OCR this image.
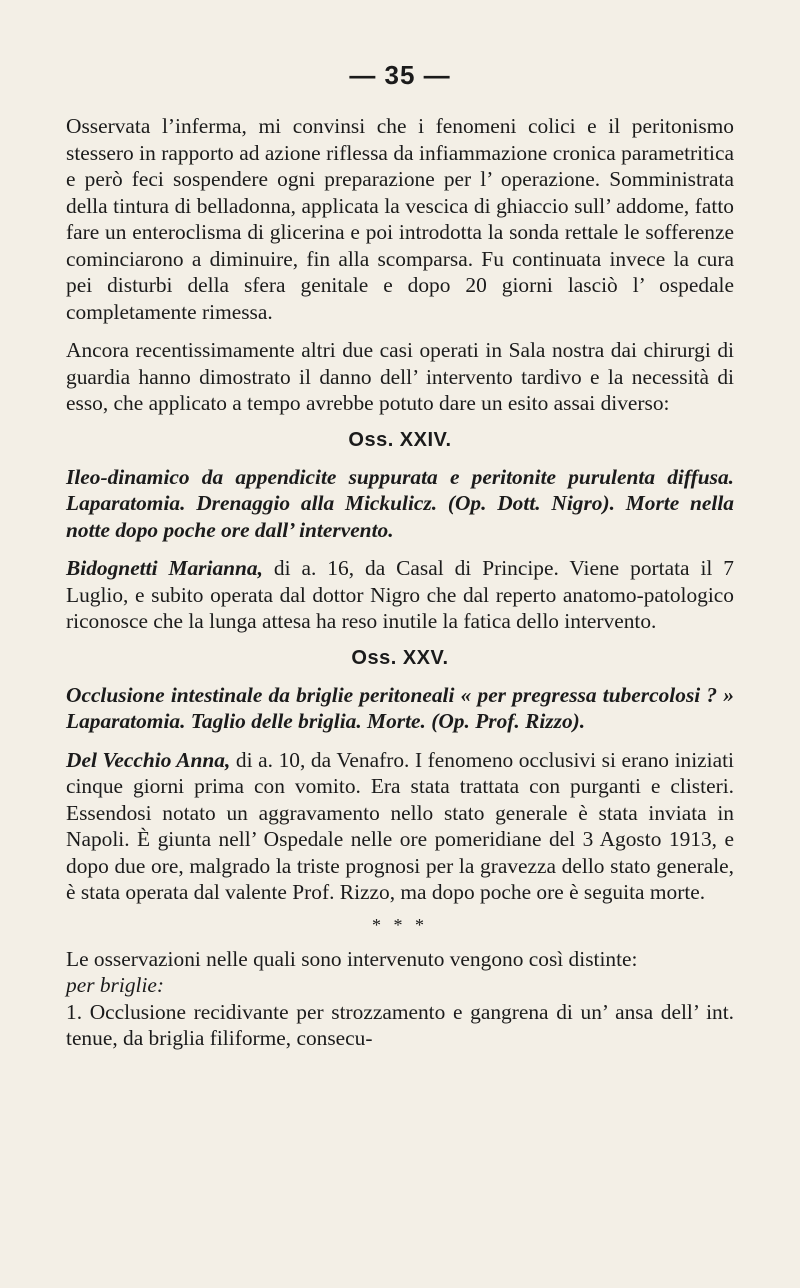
— 35 —

Osservata l’inferma, mi convinsi che i fenomeni colici e il peritonismo stessero in rapporto ad azione riflessa da infiammazione cronica parametritica e però feci sospendere ogni preparazione per l’ operazione. Somministrata della tintura di belladonna, applicata la vescica di ghiaccio sull’ addome, fatto fare un enteroclisma di glicerina e poi introdotta la sonda rettale le sofferenze cominciarono a diminuire, fin alla scomparsa. Fu continuata invece la cura pei disturbi della sfera genitale e dopo 20 giorni lasciò l’ ospedale completamente rimessa.

Ancora recentissimamente altri due casi operati in Sala nostra dai chirurgi di guardia hanno dimostrato il danno dell’ intervento tardivo e la necessità di esso, che applicato a tempo avrebbe potuto dare un esito assai diverso:

Oss. XXIV.

Ileo-dinamico da appendicite suppurata e peritonite purulenta diffusa. Laparatomia. Drenaggio alla Mickulicz. (Op. Dott. Nigro). Morte nella notte dopo poche ore dall’ intervento.

Bidognetti Marianna, di a. 16, da Casal di Principe. Viene portata il 7 Luglio, e subito operata dal dottor Nigro che dal reperto anatomo-patologico riconosce che la lunga attesa ha reso inutile la fatica dello intervento.

Oss. XXV.

Occlusione intestinale da briglie peritoneali « per pregressa tubercolosi ? » Laparatomia. Taglio delle briglia. Morte. (Op. Prof. Rizzo).

Del Vecchio Anna, di a. 10, da Venafro. I fenomeno occlusivi si erano iniziati cinque giorni prima con vomito. Era stata trattata con purganti e clisteri. Essendosi notato un aggravamento nello stato generale è stata inviata in Napoli. È giunta nell’ Ospedale nelle ore pomeridiane del 3 Agosto 1913, e dopo due ore, malgrado la triste prognosi per la gravezza dello stato generale, è stata operata dal valente Prof. Rizzo, ma dopo poche ore è seguita morte.

* * *

Le osservazioni nelle quali sono intervenuto vengono così distinte:

per briglie:

1. Occlusione recidivante per strozzamento e gangrena di un’ ansa dell’ int. tenue, da briglia filiforme, consecu-
